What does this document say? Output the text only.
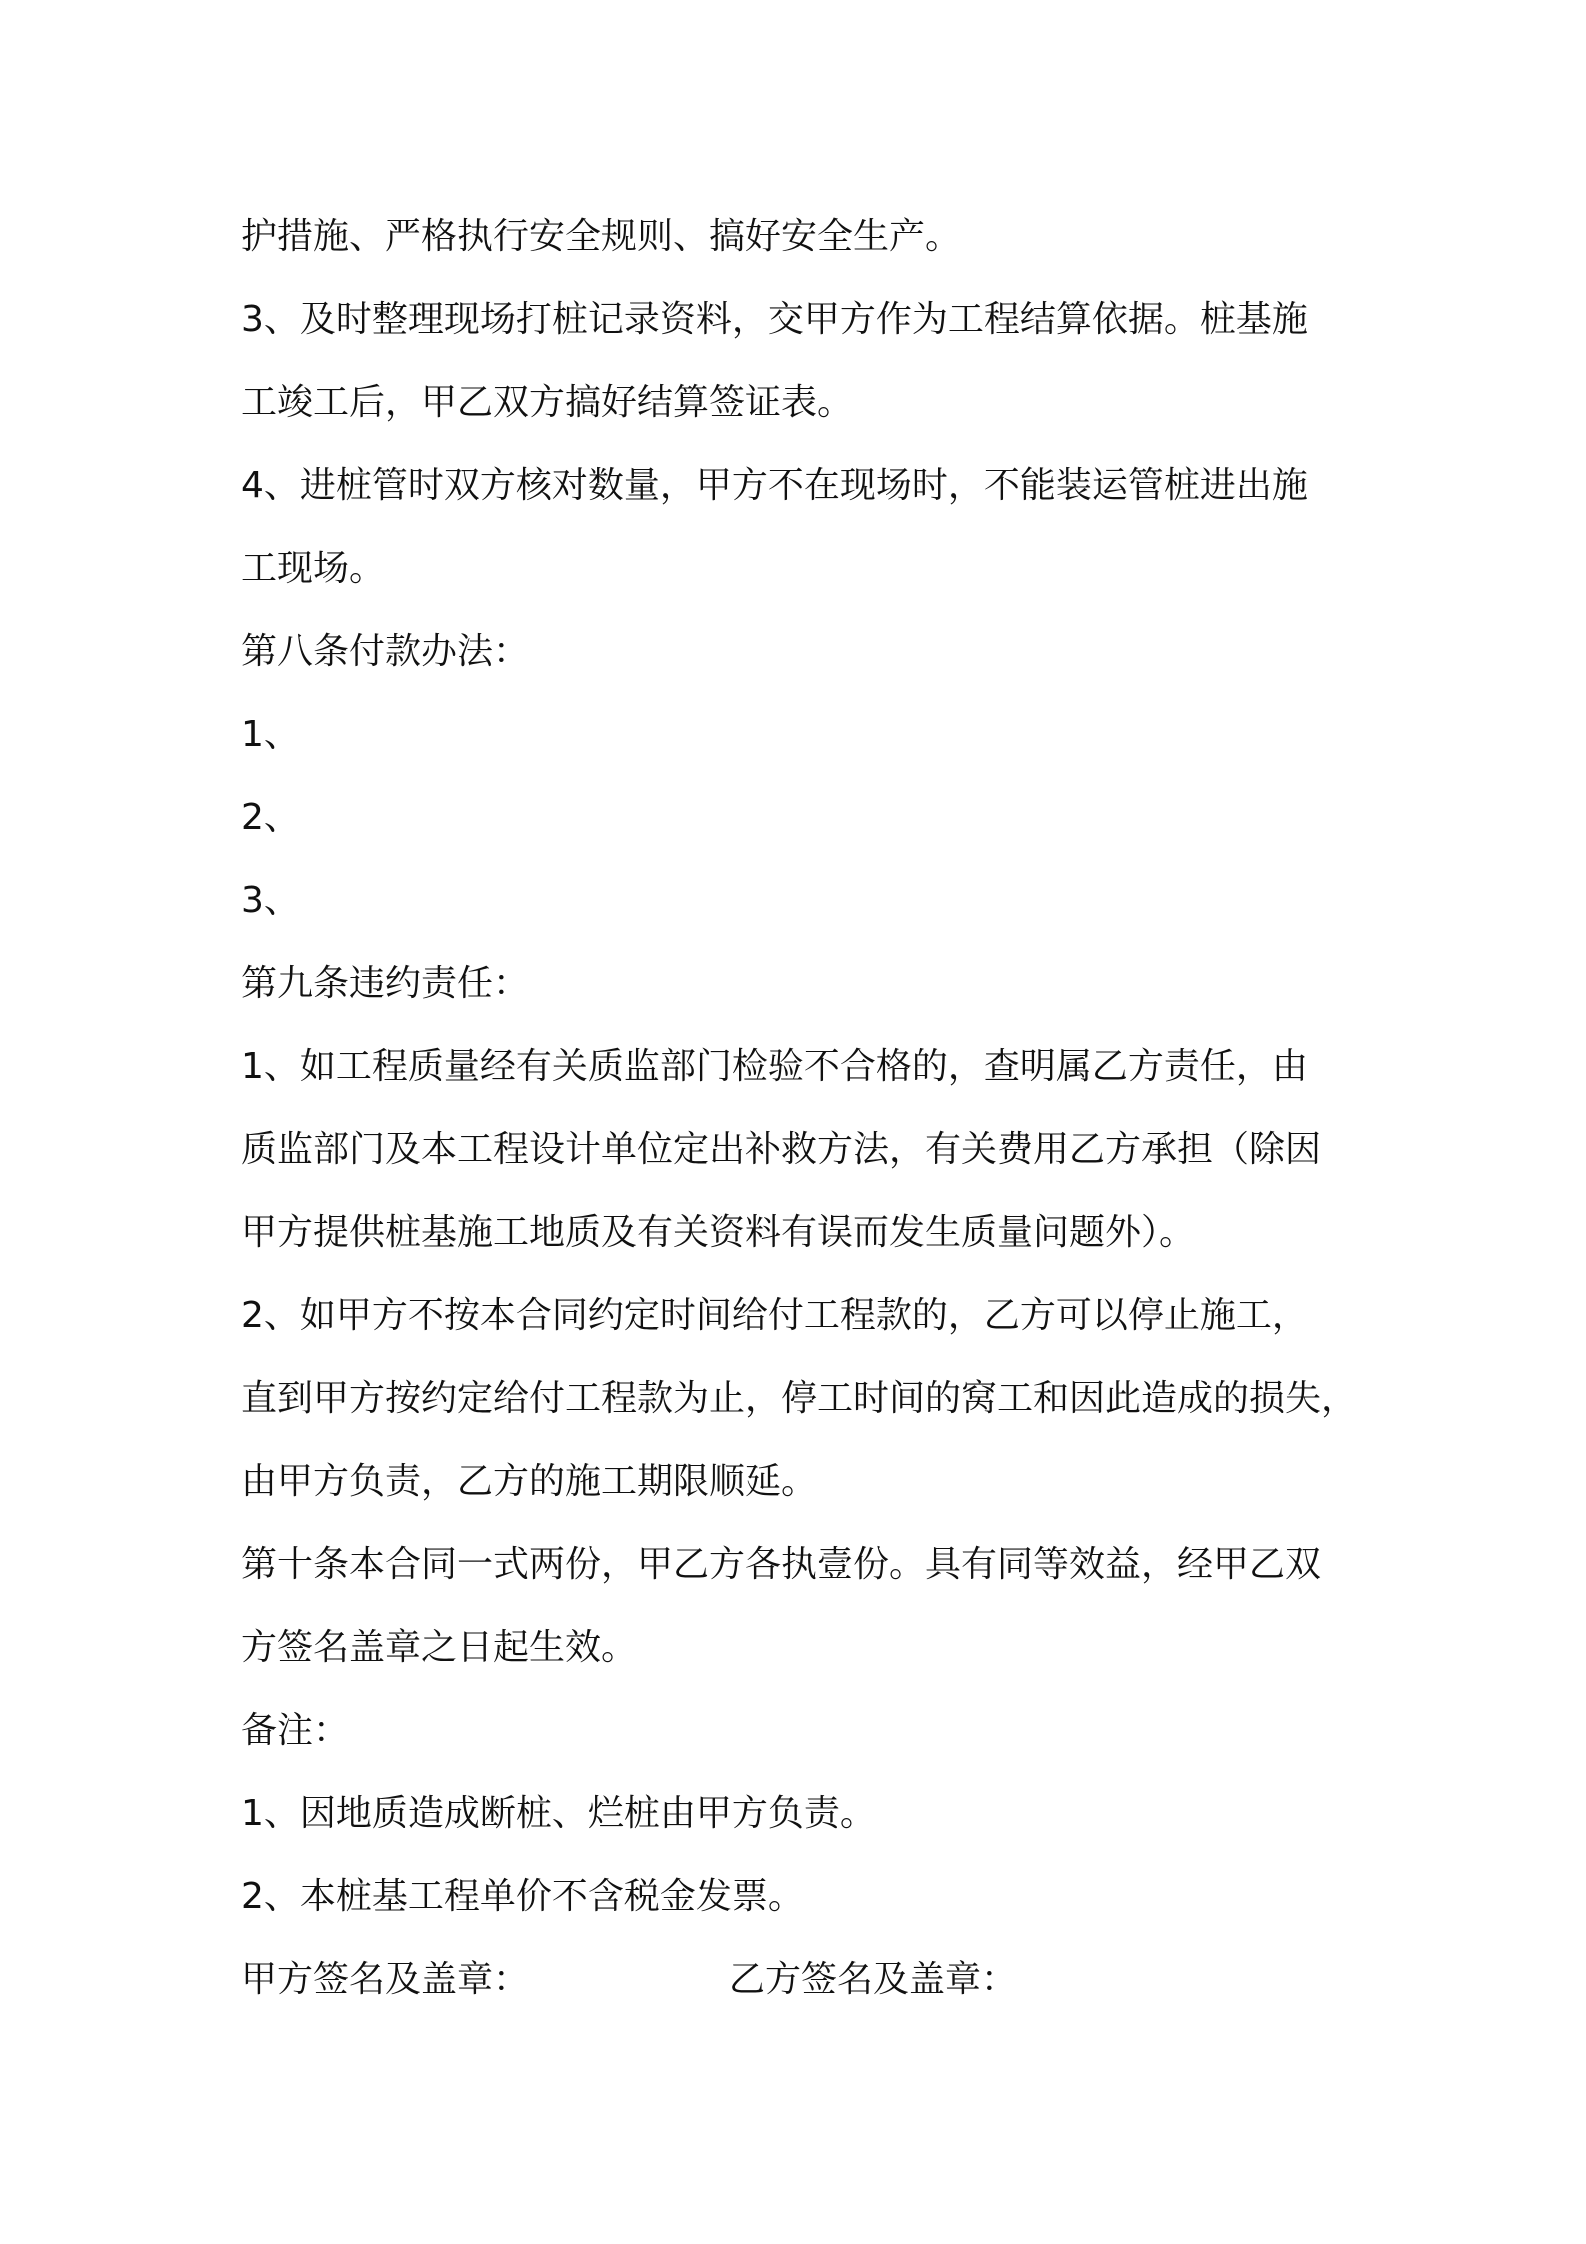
护措施、严格执行安全规则、搞好安全生产。
3、及时整理现场打桩记录资料，交甲方作为工程结算依据。桩基施
工竣工后，甲乙双方搞好结算签证表。
4、进桩管时双方核对数量，甲方不在现场时，不能装运管桩进出施
工现场。
第八条付款办法：
1、
2、
3、
第九条违约责任：
1、如工程质量经有关质监部门检验不合格的，查明属乙方责任，由
质监部门及本工程设计单位定出补救方法，有关费用乙方承担（除因
甲方提供桩基施工地质及有关资料有误而发生质量问题外）。
2、如甲方不按本合同约定时间给付工程款的，乙方可以停止施工，
直到甲方按约定给付工程款为止，停工时间的窝工和因此造成的损失，
由甲方负责，乙方的施工期限顺延。
第十条本合同一式两份，甲乙方各执壹份。具有同等效益，经甲乙双
方签名盖章之日起生效。
备注：
1、因地质造成断桩、烂桩由甲方负责。
2、本桩基工程单价不含税金发票。
甲方签名及盖章：	乙方签名及盖章：
